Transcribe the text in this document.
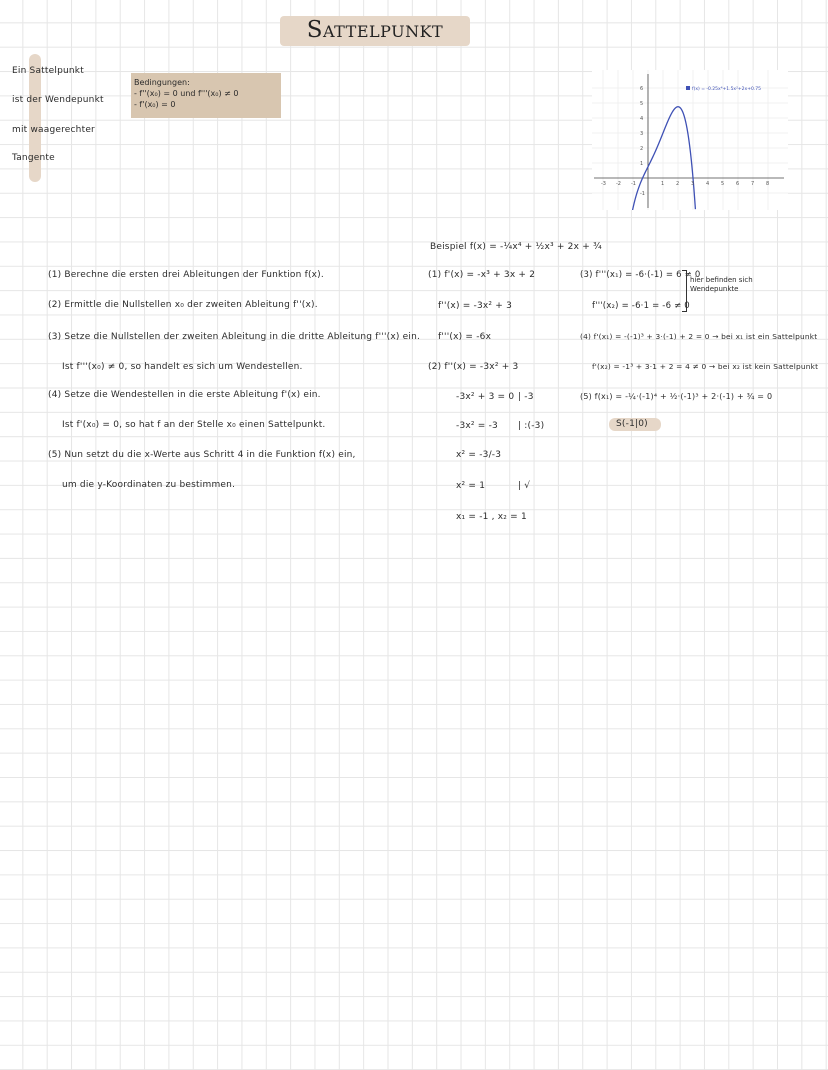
Sattelpunkt
Ein Sattelpunkt
ist der Wendepunkt
mit waagerechter
Tangente
Bedingungen:
- f''(x₀) = 0 und f'''(x₀) ≠ 0
- f'(x₀) = 0
-3 -2 -1	1 2 3 4 5 6 7 8
6
5
4
3
2
1
-1
f(x) = -0.25x⁴+1.5x²+2x+0.75
(1) Berechne die ersten drei Ableitungen der Funktion f(x).
(2) Ermittle die Nullstellen x₀ der zweiten Ableitung f''(x).
(3) Setze die Nullstellen der zweiten Ableitung in die dritte Ableitung f'''(x) ein.
Ist f'''(x₀) ≠ 0, so handelt es sich um Wendestellen.
(4) Setze die Wendestellen in die erste Ableitung f'(x) ein.
Ist f'(x₀) = 0, so hat f an der Stelle x₀ einen Sattelpunkt.
(5) Nun setzt du die x-Werte aus Schritt 4 in die Funktion f(x) ein,
um die y-Koordinaten zu bestimmen.
Beispiel f(x) = -¼x⁴ + ½x³ + 2x + ¾
(1) f'(x) = -x³ + 3x + 2
f''(x) = -3x² + 3
f'''(x) = -6x
(2) f''(x) = -3x² + 3
-3x² + 3 = 0
-3x² = -3
x² = -3/-3
x² = 1
x₁ = -1 , x₂ = 1
| -3
| :(-3)
| √
(3) f'''(x₁) = -6·(-1) = 6 ≠ 0
hier befinden sich
Wendepunkte
f'''(x₂) = -6·1 = -6 ≠ 0
(4) f'(x₁) = -(-1)³ + 3·(-1) + 2 = 0 → bei x₁ ist ein Sattelpunkt
f'(x₂) = -1³ + 3·1 + 2 = 4 ≠ 0 → bei x₂ ist kein Sattelpunkt
(5) f(x₁) = -¼·(-1)⁴ + ½·(-1)³ + 2·(-1) + ¾ = 0
S(-1|0)
